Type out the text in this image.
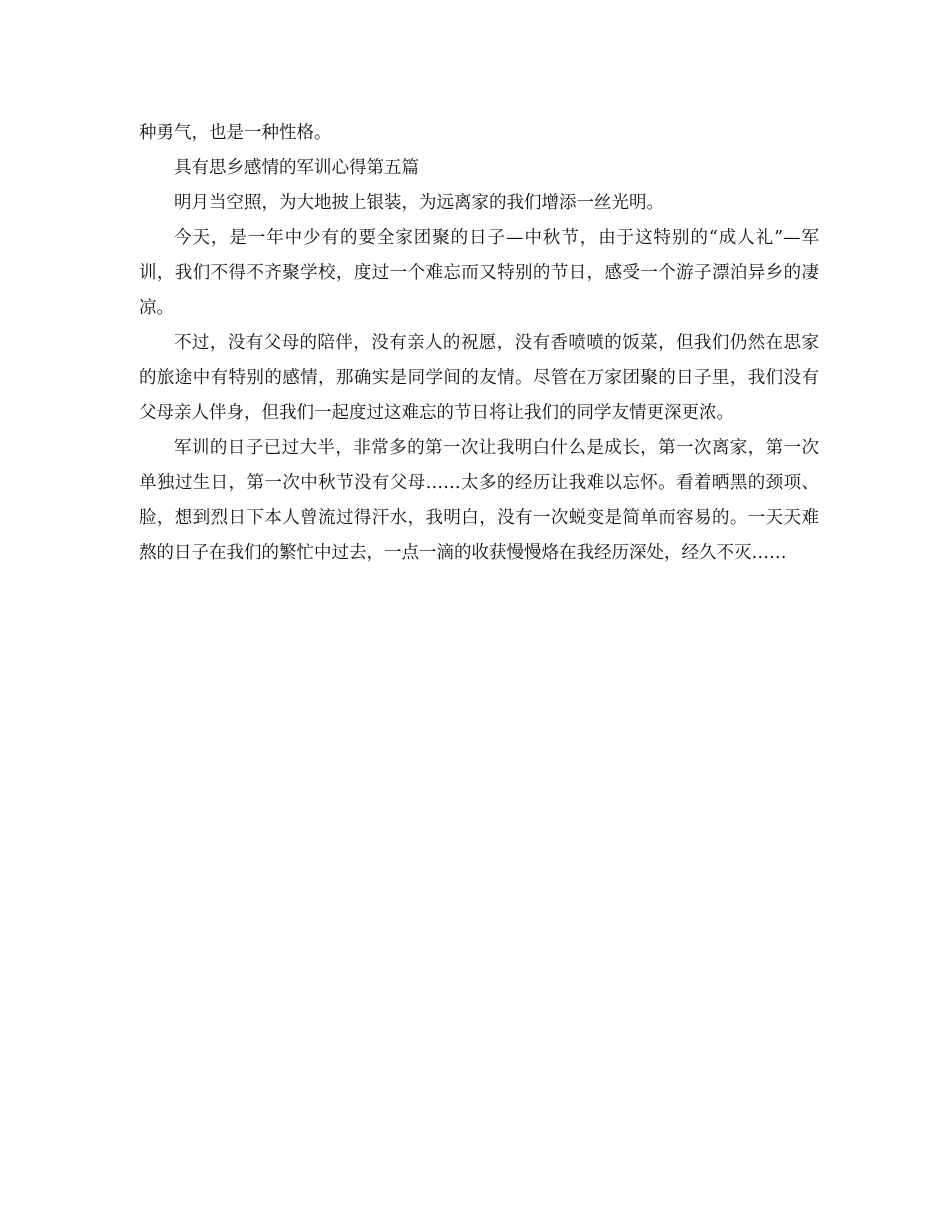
种勇气，也是一种性格。

具有思乡感情的军训心得第五篇

明月当空照，为大地披上银装，为远离家的我们增添一丝光明。

今天，是一年中少有的要全家团聚的日子—中秋节，由于这特别的“成人礼”—军训，我们不得不齐聚学校，度过一个难忘而又特别的节日，感受一个游子漂泊异乡的凄凉。

不过，没有父母的陪伴，没有亲人的祝愿，没有香喷喷的饭菜，但我们仍然在思家的旅途中有特别的感情，那确实是同学间的友情。尽管在万家团聚的日子里，我们没有父母亲人伴身，但我们一起度过这难忘的节日将让我们的同学友情更深更浓。

军训的日子已过大半，非常多的第一次让我明白什么是成长，第一次离家，第一次单独过生日，第一次中秋节没有父母……太多的经历让我难以忘怀。看着晒黑的颈项、脸，想到烈日下本人曾流过得汗水，我明白，没有一次蜕变是简单而容易的。一天天难熬的日子在我们的繁忙中过去，一点一滴的收获慢慢烙在我经历深处，经久不灭……
